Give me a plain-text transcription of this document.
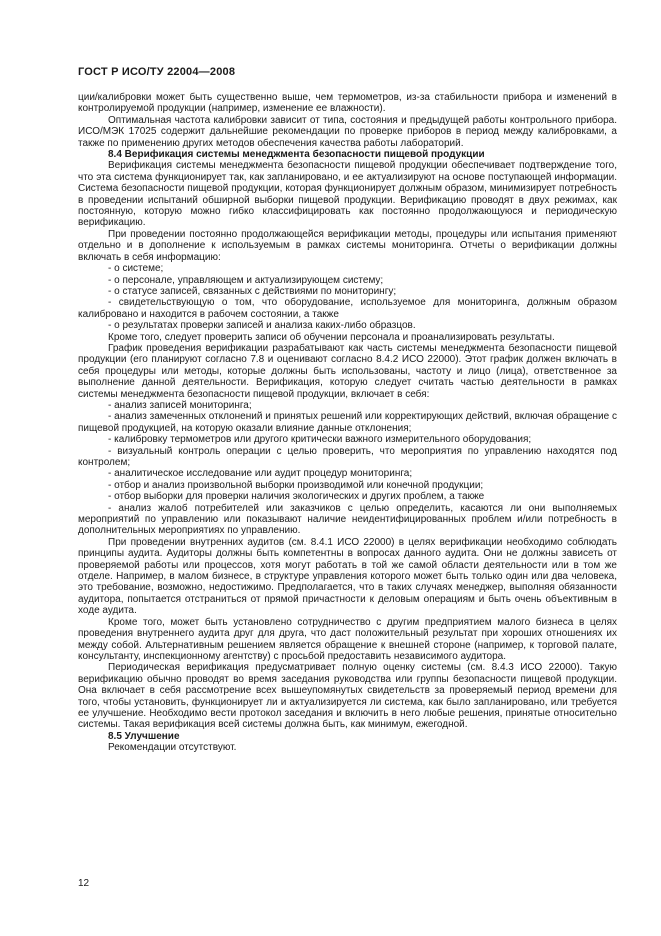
ГОСТ Р ИСО/ТУ 22004—2008

ции/калибровки может быть существенно выше, чем термометров, из-за стабильности прибора и изменений в контролируемой продукции (например, изменение ее влажности).

Оптимальная частота калибровки зависит от типа, состояния и предыдущей работы контрольного прибора. ИСО/МЭК 17025 содержит дальнейшие рекомендации по проверке приборов в период между калибровками, а также по применению других методов обеспечения качества работы лабораторий.

8.4 Верификация системы менеджмента безопасности пищевой продукции

Верификация системы менеджмента безопасности пищевой продукции обеспечивает подтверждение того, что эта система функционирует так, как запланировано, и ее актуализируют на основе поступающей информации. Система безопасности пищевой продукции, которая функционирует должным образом, минимизирует потребность в проведении испытаний обширной выборки пищевой продукции. Верификацию проводят в двух режимах, как постоянную, которую можно гибко классифицировать как постоянно продолжающуюся и периодическую верификацию.

При проведении постоянно продолжающейся верификации методы, процедуры или испытания применяют отдельно и в дополнение к используемым в рамках системы мониторинга. Отчеты о верификации должны включать в себя информацию:

- о системе;

- о персонале, управляющем и актуализирующем систему;

- о статусе записей, связанных с действиями по мониторингу;

- свидетельствующую о том, что оборудование, используемое для мониторинга, должным образом калибровано и находится в рабочем состоянии, а также

- о результатах проверки записей и анализа каких-либо образцов.

Кроме того, следует проверить записи об обучении персонала и проанализировать результаты.

График проведения верификации разрабатывают как часть системы менеджмента безопасности пищевой продукции (его планируют согласно 7.8 и оценивают согласно 8.4.2 ИСО 22000). Этот график должен включать в себя процедуры или методы, которые должны быть использованы, частоту и лицо (лица), ответственное за выполнение данной деятельности. Верификация, которую следует считать частью деятельности в рамках системы менеджмента безопасности пищевой продукции, включает в себя:

- анализ записей мониторинга;

- анализ замеченных отклонений и принятых решений или корректирующих действий, включая обращение с пищевой продукцией, на которую оказали влияние данные отклонения;

- калибровку термометров или другого критически важного измерительного оборудования;

- визуальный контроль операции с целью проверить, что мероприятия по управлению находятся под контролем;

- аналитическое исследование или аудит процедур мониторинга;

- отбор и анализ произвольной выборки производимой или конечной продукции;

- отбор выборки для проверки наличия экологических и других проблем, а также

- анализ жалоб потребителей или заказчиков с целью определить, касаются ли они выполняемых мероприятий по управлению или показывают наличие неидентифицированных проблем и/или потребность в дополнительных мероприятиях по управлению.

При проведении внутренних аудитов (см. 8.4.1 ИСО 22000) в целях верификации необходимо соблюдать принципы аудита. Аудиторы должны быть компетентны в вопросах данного аудита. Они не должны зависеть от проверяемой работы или процессов, хотя могут работать в той же самой области деятельности или в том же отделе. Например, в малом бизнесе, в структуре управления которого может быть только один или два человека, это требование, возможно, недостижимо. Предполагается, что в таких случаях менеджер, выполняя обязанности аудитора, попытается отстраниться от прямой причастности к деловым операциям и быть очень объективным в ходе аудита.

Кроме того, может быть установлено сотрудничество с другим предприятием малого бизнеса в целях проведения внутреннего аудита друг для друга, что даст положительный результат при хороших отношениях их между собой. Альтернативным решением является обращение к внешней стороне (например, к торговой палате, консультанту, инспекционному агентству) с просьбой предоставить независимого аудитора.

Периодическая верификация предусматривает полную оценку системы (см. 8.4.3 ИСО 22000). Такую верификацию обычно проводят во время заседания руководства или группы безопасности пищевой продукции. Она включает в себя рассмотрение всех вышеупомянутых свидетельств за проверяемый период времени для того, чтобы установить, функционирует ли и актуализируется ли система, как было запланировано, или требуется ее улучшение. Необходимо вести протокол заседания и включить в него любые решения, принятые относительно системы. Такая верификация всей системы должна быть, как минимум, ежегодной.

8.5 Улучшение

Рекомендации отсутствуют.

12
